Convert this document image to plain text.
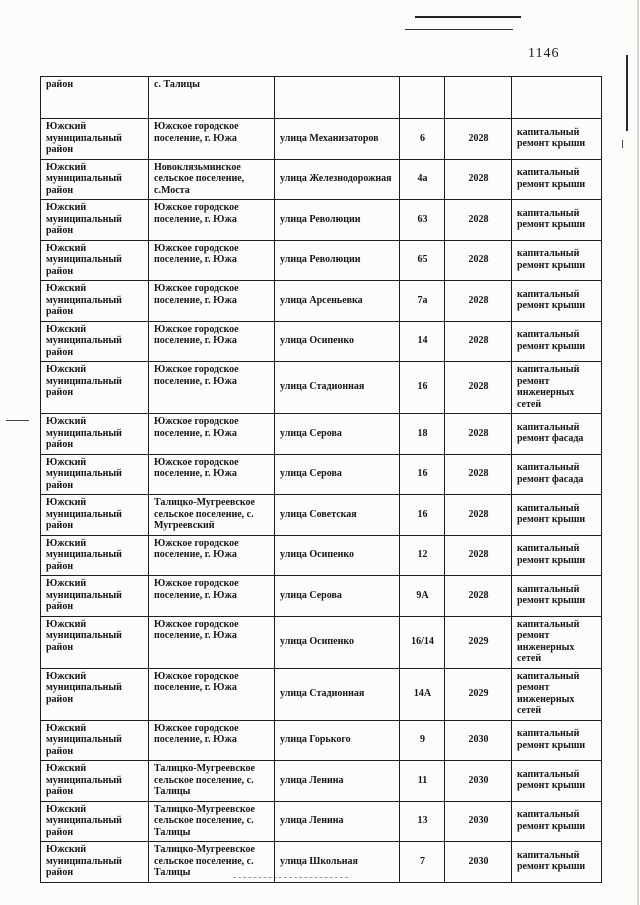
1146
район	с. Талицы				
Южский муниципальный район	Южское городское поселение, г. Южа	улица Механизаторов	6	2028	капитальный ремонт крыши
Южский муниципальный район	Новоклязьминское сельское поселение, с.Моста	улица Железнодорожная	4а	2028	капитальный ремонт крыши
Южский муниципальный район	Южское городское поселение, г. Южа	улица Революции	63	2028	капитальный ремонт крыши
Южский муниципальный район	Южское городское поселение, г. Южа	улица Революции	65	2028	капитальный ремонт крыши
Южский муниципальный район	Южское городское поселение, г. Южа	улица Арсеньевка	7а	2028	капитальный ремонт крыши
Южский муниципальный район	Южское городское поселение, г. Южа	улица Осипенко	14	2028	капитальный ремонт крыши
Южский муниципальный район	Южское городское поселение, г. Южа	улица Стадионная	16	2028	капитальный ремонт инженерных сетей
Южский муниципальный район	Южское городское поселение, г. Южа	улица Серова	18	2028	капитальный ремонт фасада
Южский муниципальный район	Южское городское поселение, г. Южа	улица Серова	16	2028	капитальный ремонт фасада
Южский муниципальный район	Талицко-Мугреевское сельское поселение, с. Мугреевский	улица Советская	16	2028	капитальный ремонт крыши
Южский муниципальный район	Южское городское поселение, г. Южа	улица Осипенко	12	2028	капитальный ремонт крыши
Южский муниципальный район	Южское городское поселение, г. Южа	улица Серова	9А	2028	капитальный ремонт крыши
Южский муниципальный район	Южское городское поселение, г. Южа	улица Осипенко	16/14	2029	капитальный ремонт инженерных сетей
Южский муниципальный район	Южское городское поселение, г. Южа	улица Стадионная	14А	2029	капитальный ремонт инженерных сетей
Южский муниципальный район	Южское городское поселение, г. Южа	улица Горького	9	2030	капитальный ремонт крыши
Южский муниципальный район	Талицко-Мугреевское сельское поселение, с. Талицы	улица Ленина	11	2030	капитальный ремонт крыши
Южский муниципальный район	Талицко-Мугреевское сельское поселение, с. Талицы	улица Ленина	13	2030	капитальный ремонт крыши
Южский муниципальный район	Талицко-Мугреевское сельское поселение, с. Талицы	улица Школьная	7	2030	капитальный ремонт крыши
